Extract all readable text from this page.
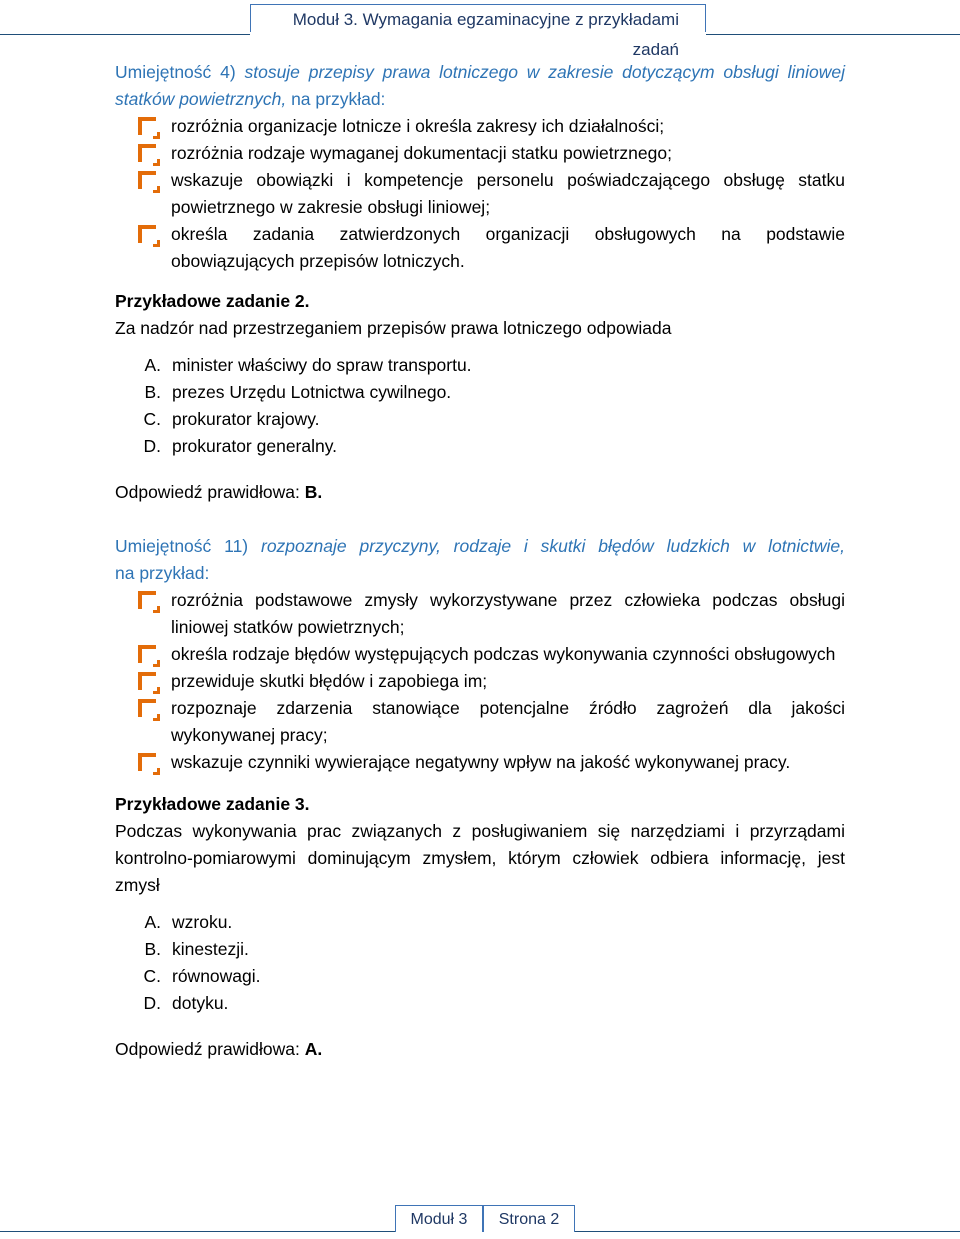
Moduł 3. Wymagania egzaminacyjne z przykładami zadań
Umiejętność 4) stosuje przepisy prawa lotniczego w zakresie dotyczącym obsługi liniowej
statków powietrznych, na przykład:
rozróżnia organizacje lotnicze i określa zakresy ich działalności;
rozróżnia rodzaje wymaganej dokumentacji statku powietrznego;
wskazuje obowiązki i kompetencje personelu poświadczającego obsługę statku
powietrznego w zakresie obsługi liniowej;
określa zadania zatwierdzonych organizacji obsługowych na podstawie
obowiązujących przepisów lotniczych.
Przykładowe zadanie 2.
Za nadzór nad przestrzeganiem przepisów prawa lotniczego odpowiada
A. minister właściwy do spraw transportu.
B. prezes Urzędu Lotnictwa cywilnego.
C. prokurator krajowy.
D. prokurator generalny.
Odpowiedź prawidłowa: B.
Umiejętność 11) rozpoznaje przyczyny, rodzaje i skutki błędów ludzkich w lotnictwie,
na przykład:
rozróżnia podstawowe zmysły wykorzystywane przez człowieka podczas obsługi
liniowej statków powietrznych;
określa rodzaje błędów występujących podczas wykonywania czynności obsługowych
przewiduje skutki błędów i zapobiega im;
rozpoznaje zdarzenia stanowiące potencjalne źródło zagrożeń dla jakości
wykonywanej pracy;
wskazuje czynniki wywierające negatywny wpływ na jakość wykonywanej pracy.
Przykładowe zadanie 3.
Podczas wykonywania prac związanych z posługiwaniem się narzędziami i przyrządami
kontrolno-pomiarowymi dominującym zmysłem, którym człowiek odbiera informację, jest
zmysł
A. wzroku.
B. kinestezji.
C. równowagi.
D. dotyku.
Odpowiedź prawidłowa: A.
Moduł 3	Strona 2
